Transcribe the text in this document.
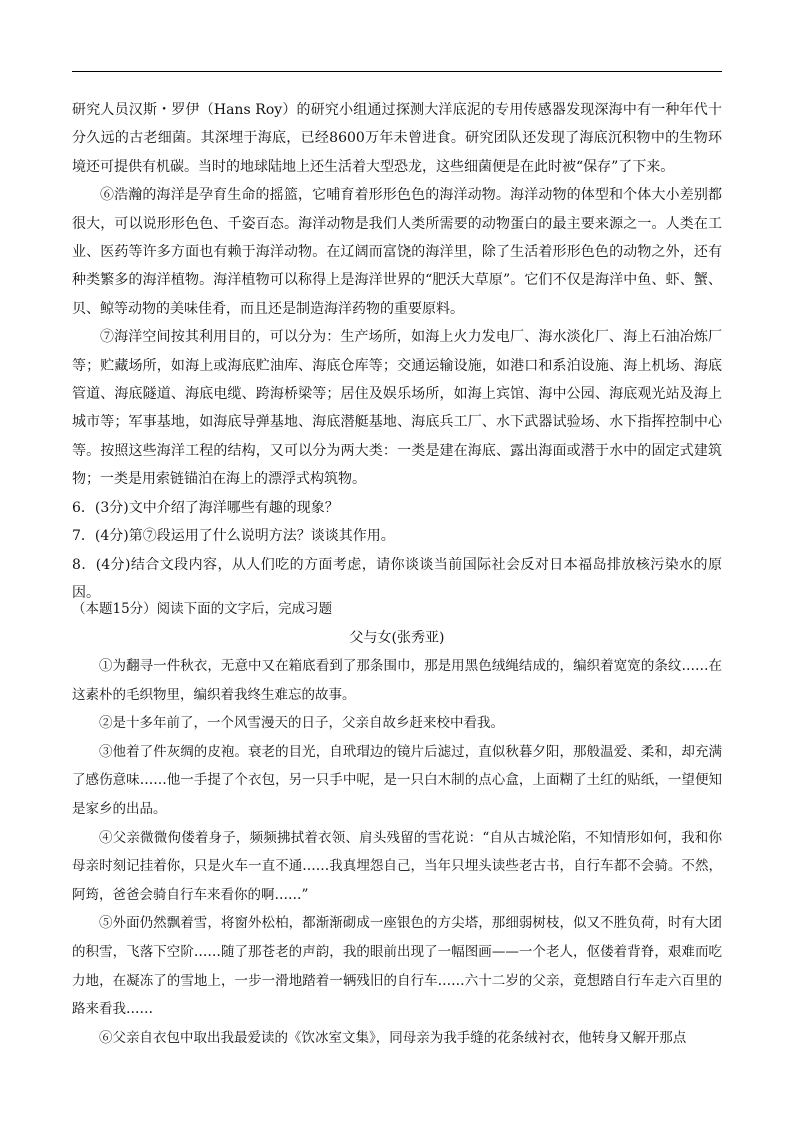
研究人员汉斯・罗伊（Hans Roy）的研究小组通过探测大洋底泥的专用传感器发现深海中有一种年代十分久远的古老细菌。其深埋于海底，已经8600万年未曾进食。研究团队还发现了海底沉积物中的生物环境还可提供有机碳。当时的地球陆地上还生活着大型恐龙，这些细菌便是在此时被“保存”了下来。

⑥浩瀚的海洋是孕育生命的摇篮，它哺育着形形色色的海洋动物。海洋动物的体型和个体大小差别都很大，可以说形形色色、千姿百态。海洋动物是我们人类所需要的动物蛋白的最主要来源之一。人类在工业、医药等许多方面也有赖于海洋动物。在辽阔而富饶的海洋里，除了生活着形形色色的动物之外，还有种类繁多的海洋植物。海洋植物可以称得上是海洋世界的“肥沃大草原”。它们不仅是海洋中鱼、虾、蟹、贝、鲸等动物的美味佳肴，而且还是制造海洋药物的重要原料。

⑦海洋空间按其利用目的，可以分为：生产场所，如海上火力发电厂、海水淡化厂、海上石油冶炼厂等；贮藏场所，如海上或海底贮油库、海底仓库等；交通运输设施，如港口和系泊设施、海上机场、海底管道、海底隧道、海底电缆、跨海桥梁等；居住及娱乐场所，如海上宾馆、海中公园、海底观光站及海上城市等；军事基地，如海底导弹基地、海底潜艇基地、海底兵工厂、水下武器试验场、水下指挥控制中心等。按照这些海洋工程的结构，又可以分为两大类：一类是建在海底、露出海面或潜于水中的固定式建筑物；一类是用索链锚泊在海上的漂浮式构筑物。

6．(3分)文中介绍了海洋哪些有趣的现象？

7．(4分)第⑦段运用了什么说明方法？谈谈其作用。

8．(4分)结合文段内容，从人们吃的方面考虑，请你谈谈当前国际社会反对日本福岛排放核污染水的原因。

（本题15分）阅读下面的文字后，完成习题

父与女(张秀亚)

①为翻寻一件秋衣，无意中又在箱底看到了那条围巾，那是用黑色绒绳结成的，编织着宽宽的条纹……在这素朴的毛织物里，编织着我终生难忘的故事。

②是十多年前了，一个风雪漫天的日子，父亲自故乡赶来校中看我。

③他着了件灰绸的皮袍。衰老的目光，自玳瑁边的镜片后滤过，直似秋暮夕阳，那般温爱、柔和，却充满了感伤意味……他一手提了个衣包，另一只手中呢，是一只白木制的点心盒，上面糊了土红的贴纸，一望便知是家乡的出品。

④父亲微微佝偻着身子，频频拂拭着衣领、肩头残留的雪花说：“自从古城沦陷，不知情形如何，我和你母亲时刻记挂着你，只是火车一直不通……我真埋怨自己，当年只埋头读些老古书，自行车都不会骑。不然，阿筠，爸爸会骑自行车来看你的啊……”

⑤外面仍然飘着雪，将窗外松柏，都渐渐砌成一座银色的方尖塔，那细弱树枝，似又不胜负荷，时有大团的积雪，飞落下空阶……随了那苍老的声韵，我的眼前出现了一幅图画——一个老人，伛偻着背脊，艰难而吃力地，在凝冻了的雪地上，一步一滑地踏着一辆残旧的自行车……六十二岁的父亲，竟想踏自行车走六百里的路来看我……

⑥父亲自衣包中取出我最爱读的《饮冰室文集》，同母亲为我手缝的花条绒衬衣，他转身又解开那点
